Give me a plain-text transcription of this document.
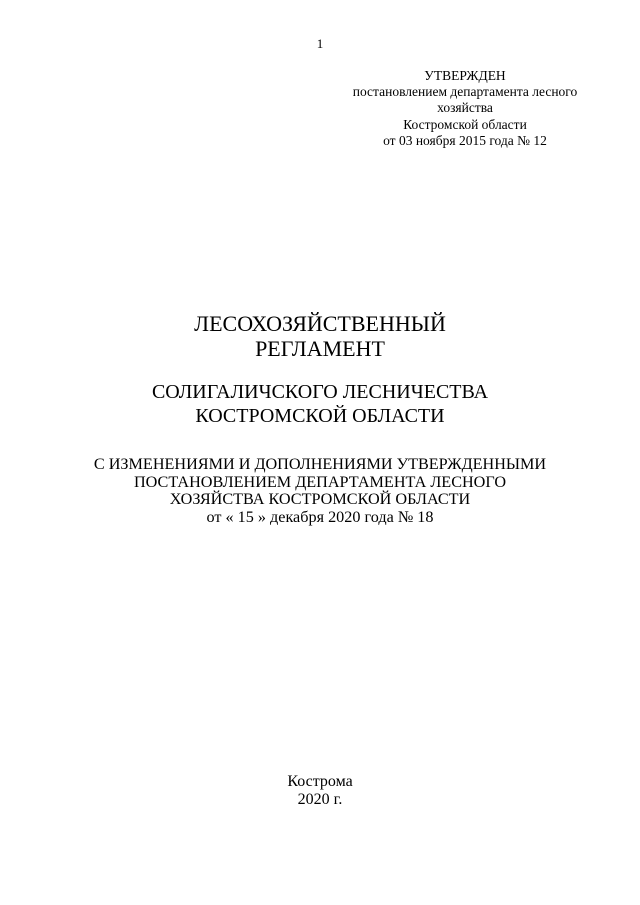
1
УТВЕРЖДЕН
постановлением департамента лесного
хозяйства
Костромской области
от 03 ноября 2015 года № 12
ЛЕСОХОЗЯЙСТВЕННЫЙ
РЕГЛАМЕНТ
СОЛИГАЛИЧСКОГО ЛЕСНИЧЕСТВА
КОСТРОМСКОЙ ОБЛАСТИ
С ИЗМЕНЕНИЯМИ И ДОПОЛНЕНИЯМИ УТВЕРЖДЕННЫМИ
ПОСТАНОВЛЕНИЕМ ДЕПАРТАМЕНТА ЛЕСНОГО
ХОЗЯЙСТВА КОСТРОМСКОЙ ОБЛАСТИ
от « 15 » декабря 2020 года № 18
Кострома
2020 г.
